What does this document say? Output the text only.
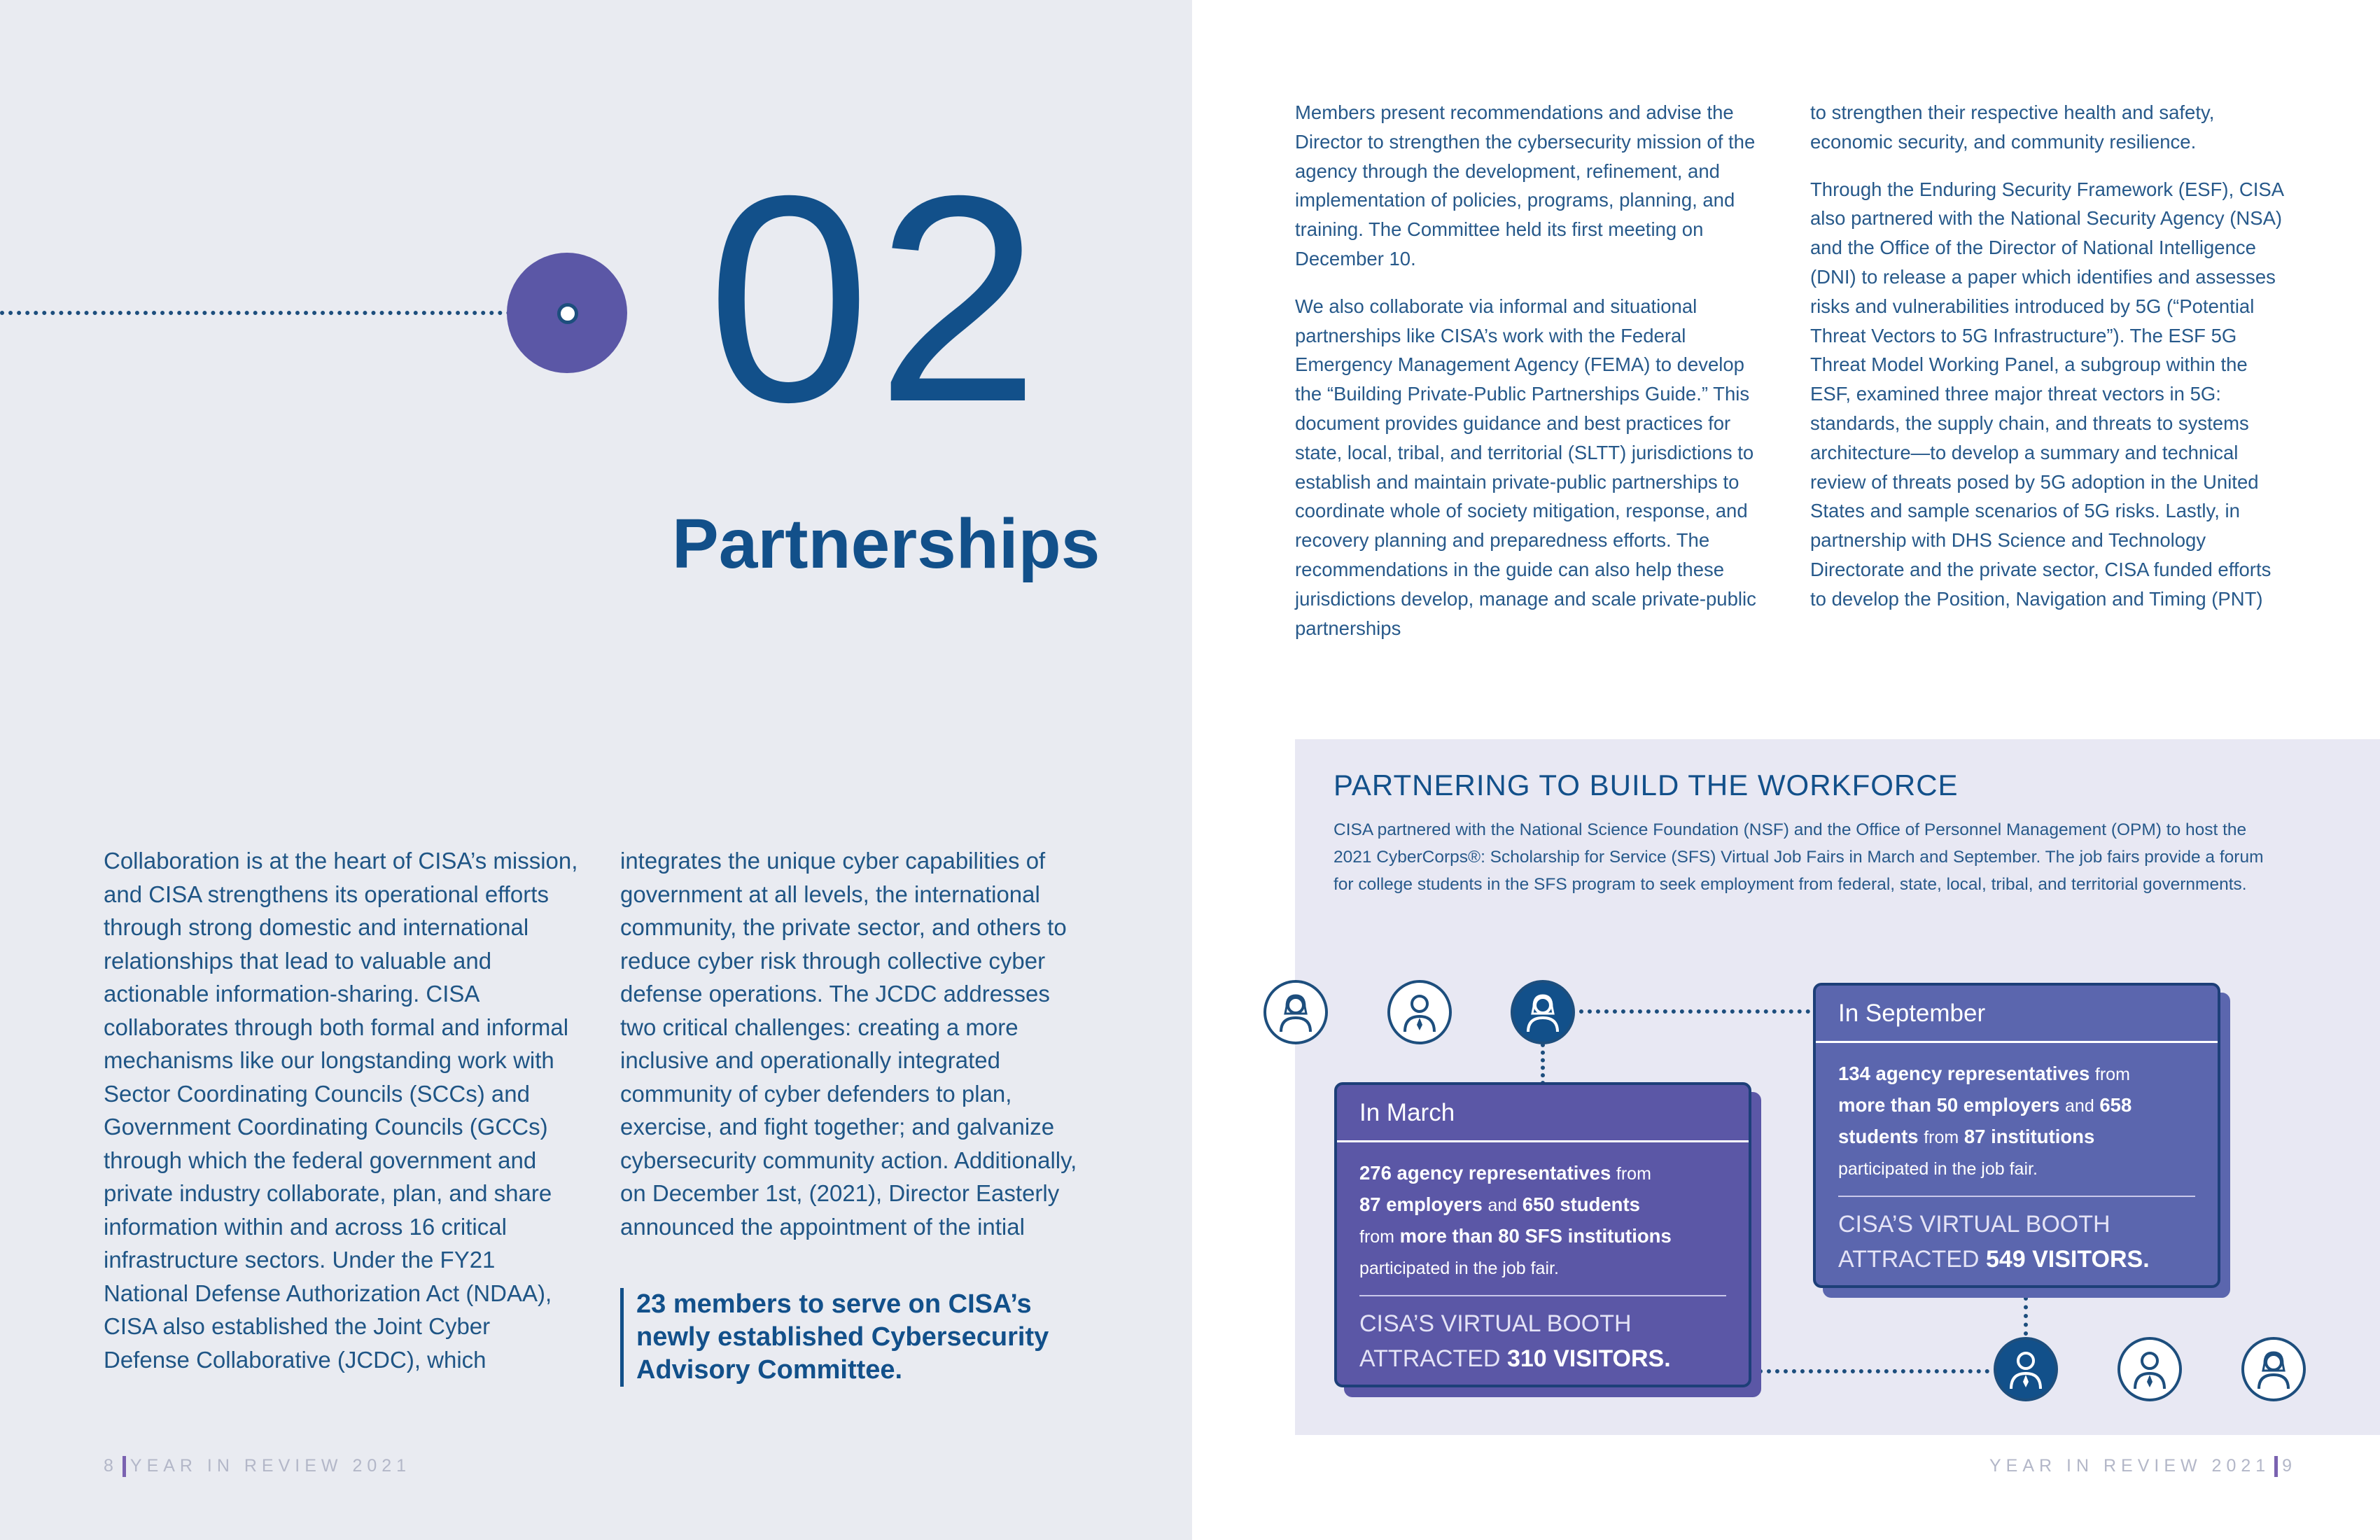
02
Partnerships

Collaboration is at the heart of CISA’s mission, and CISA strengthens its operational efforts through strong domestic and international relationships that lead to valuable and actionable information-sharing. CISA collaborates through both formal and informal mechanisms like our longstanding work with Sector Coordinating Councils (SCCs) and Government Coordinating Councils (GCCs) through which the federal government and private industry collaborate, plan, and share information within and across 16 critical infrastructure sectors. Under the FY21 National Defense Authorization Act (NDAA), CISA also established the Joint Cyber Defense Collaborative (JCDC), which

integrates the unique cyber capabilities of government at all levels, the international community, the private sector, and others to reduce cyber risk through collective cyber defense operations. The JCDC addresses two critical challenges: creating a more inclusive and operationally integrated community of cyber defenders to plan, exercise, and fight together; and galvanize cybersecurity community action. Additionally, on December 1st, (2021), Director Easterly announced the appointment of the intial

23 members to serve on CISA’s newly established Cybersecurity Advisory Committee.
8 YEAR IN REVIEW 2021

Members present recommendations and advise the Director to strengthen the cybersecurity mission of the agency through the development, refinement, and implementation of policies, programs, planning, and training. The Committee held its first meeting on December 10.

We also collaborate via informal and situational partnerships like CISA’s work with the Federal Emergency Management Agency (FEMA) to develop the “Building Private-Public Partnerships Guide.” This document provides guidance and best practices for state, local, tribal, and territorial (SLTT) jurisdictions to establish and maintain private-public partnerships to coordinate whole of society mitigation, response, and recovery planning and preparedness efforts. The recommendations in the guide can also help these jurisdictions develop, manage and scale private-public partnerships

to strengthen their respective health and safety, economic security, and community resilience.

Through the Enduring Security Framework (ESF), CISA also partnered with the National Security Agency (NSA) and the Office of the Director of National Intelligence (DNI) to release a paper which identifies and assesses risks and vulnerabilities introduced by 5G (“Potential Threat Vectors to 5G Infrastructure”). The ESF 5G Threat Model Working Panel, a subgroup within the ESF, examined three major threat vectors in 5G: standards, the supply chain, and threats to systems architecture—to develop a summary and technical review of threats posed by 5G adoption in the United States and sample scenarios of 5G risks. Lastly, in partnership with DHS Science and Technology Directorate and the private sector, CISA funded efforts to develop the Position, Navigation and Timing (PNT)

PARTNERING TO BUILD THE WORKFORCE
CISA partnered with the National Science Foundation (NSF) and the Office of Personnel Management (OPM) to host the 2021 CyberCorps®: Scholarship for Service (SFS) Virtual Job Fairs in March and September. The job fairs provide a forum for college students in the SFS program to seek employment from federal, state, local, tribal, and territorial governments.
In March
276 agency representatives from
87 employers and 650 students
from more than 80 SFS institutions
participated in the job fair.
CISA’S VIRTUAL BOOTH
ATTRACTED 310 VISITORS.
In September
134 agency representatives from
more than 50 employers and 658
students from 87 institutions
participated in the job fair.
CISA’S VIRTUAL BOOTH
ATTRACTED 549 VISITORS.
YEAR IN REVIEW 2021 9
